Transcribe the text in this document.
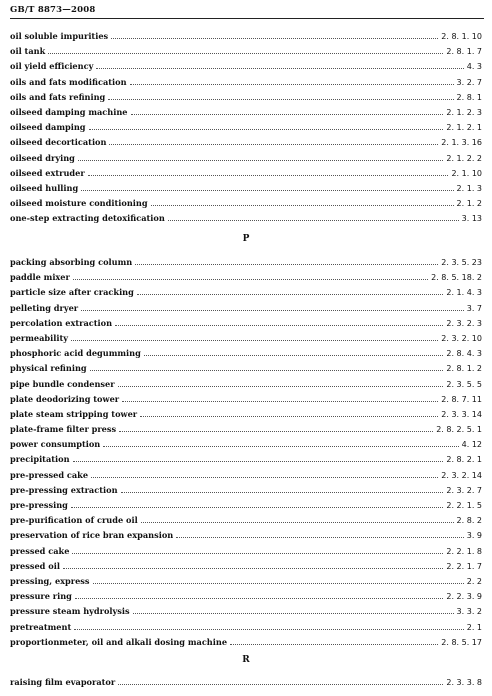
GB/T 8873—2008
oil soluble impurities	2. 8. 1. 10
oil tank	2. 8. 1. 7
oil yield efficiency	4. 3
oils and fats modification	3. 2. 7
oils and fats refining	2. 8. 1
oilseed damping machine	2. 1. 2. 3
oilseed damping	2. 1. 2. 1
oilseed decortication	2. 1. 3. 16
oilseed drying	2. 1. 2. 2
oilseed extruder	2. 1. 10
oilseed hulling	2. 1. 3
oilseed moisture conditioning	2. 1. 2
one-step extracting detoxification	3. 13
P
packing absorbing column	2. 3. 5. 23
paddle mixer	2. 8. 5. 18. 2
particle size after cracking	2. 1. 4. 3
pelleting dryer	3. 7
percolation extraction	2. 3. 2. 3
permeability	2. 3. 2. 10
phosphoric acid degumming	2. 8. 4. 3
physical refining	2. 8. 1. 2
pipe bundle condenser	2. 3. 5. 5
plate deodorizing tower	2. 8. 7. 11
plate steam stripping tower	2. 3. 3. 14
plate-frame filter press	2. 8. 2. 5. 1
power consumption	4. 12
precipitation	2. 8. 2. 1
pre-pressed cake	2. 3. 2. 14
pre-pressing extraction	2. 3. 2. 7
pre-pressing	2. 2. 1. 5
pre-purification of crude oil	2. 8. 2
preservation of rice bran expansion	3. 9
pressed cake	2. 2. 1. 8
pressed oil	2. 2. 1. 7
pressing, express	2. 2
pressure ring	2. 2. 3. 9
pressure steam hydrolysis	3. 3. 2
pretreatment	2. 1
proportionmeter, oil and alkali dosing machine	2. 8. 5. 17
R
raising film evaporator	2. 3. 3. 8
